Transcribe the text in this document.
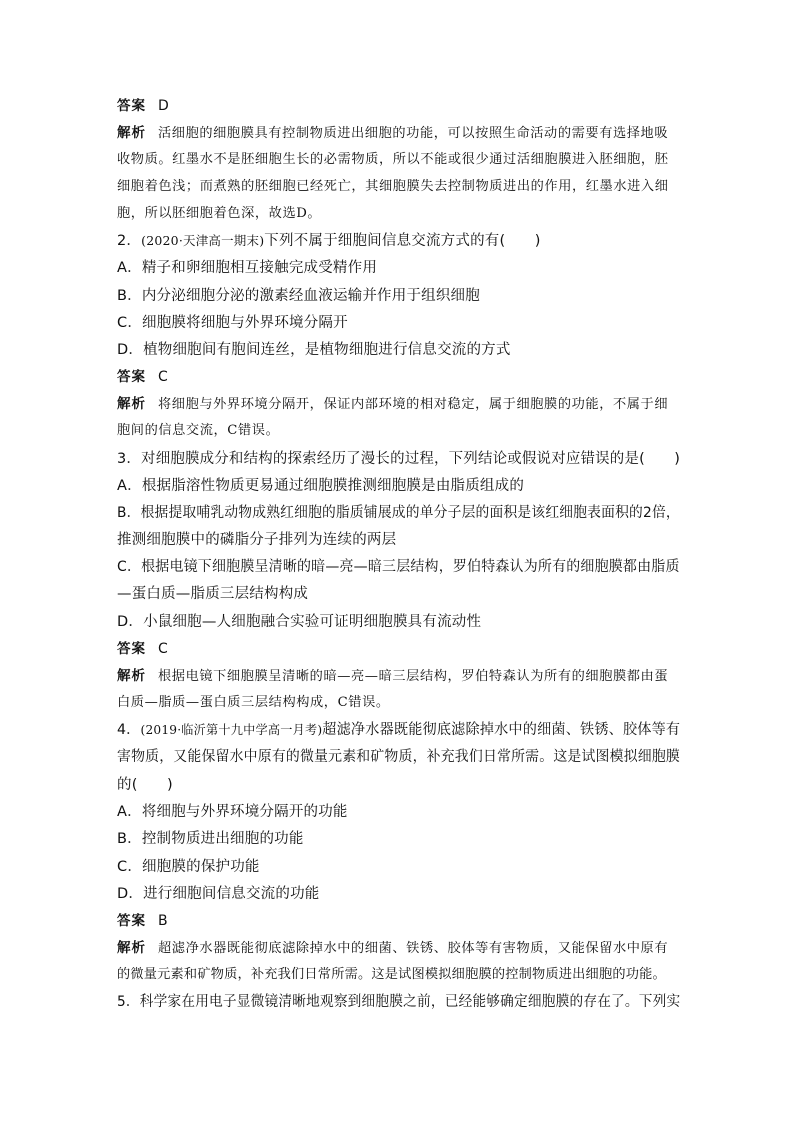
答案 D
解析 活细胞的细胞膜具有控制物质进出细胞的功能，可以按照生命活动的需要有选择地吸
收物质。红墨水不是胚细胞生长的必需物质，所以不能或很少通过活细胞膜进入胚细胞，胚
细胞着色浅；而煮熟的胚细胞已经死亡，其细胞膜失去控制物质进出的作用，红墨水进入细
胞，所以胚细胞着色深，故选D。
2．(2020·天津高一期末)下列不属于细胞间信息交流方式的有(　　)
A．精子和卵细胞相互接触完成受精作用
B．内分泌细胞分泌的激素经血液运输并作用于组织细胞
C．细胞膜将细胞与外界环境分隔开
D．植物细胞间有胞间连丝，是植物细胞进行信息交流的方式
答案 C
解析 将细胞与外界环境分隔开，保证内部环境的相对稳定，属于细胞膜的功能，不属于细
胞间的信息交流，C错误。
3．对细胞膜成分和结构的探索经历了漫长的过程，下列结论或假说对应错误的是(　　)
A．根据脂溶性物质更易通过细胞膜推测细胞膜是由脂质组成的
B．根据提取哺乳动物成熟红细胞的脂质铺展成的单分子层的面积是该红细胞表面积的2倍，
推测细胞膜中的磷脂分子排列为连续的两层
C．根据电镜下细胞膜呈清晰的暗—亮—暗三层结构，罗伯特森认为所有的细胞膜都由脂质
—蛋白质—脂质三层结构构成
D．小鼠细胞—人细胞融合实验可证明细胞膜具有流动性
答案 C
解析 根据电镜下细胞膜呈清晰的暗—亮—暗三层结构，罗伯特森认为所有的细胞膜都由蛋
白质—脂质—蛋白质三层结构构成，C错误。
4．(2019·临沂第十九中学高一月考)超滤净水器既能彻底滤除掉水中的细菌、铁锈、胶体等有
害物质，又能保留水中原有的微量元素和矿物质，补充我们日常所需。这是试图模拟细胞膜
的(　　)
A．将细胞与外界环境分隔开的功能
B．控制物质进出细胞的功能
C．细胞膜的保护功能
D．进行细胞间信息交流的功能
答案 B
解析 超滤净水器既能彻底滤除掉水中的细菌、铁锈、胶体等有害物质，又能保留水中原有
的微量元素和矿物质，补充我们日常所需。这是试图模拟细胞膜的控制物质进出细胞的功能。
5．科学家在用电子显微镜清晰地观察到细胞膜之前，已经能够确定细胞膜的存在了。下列实
